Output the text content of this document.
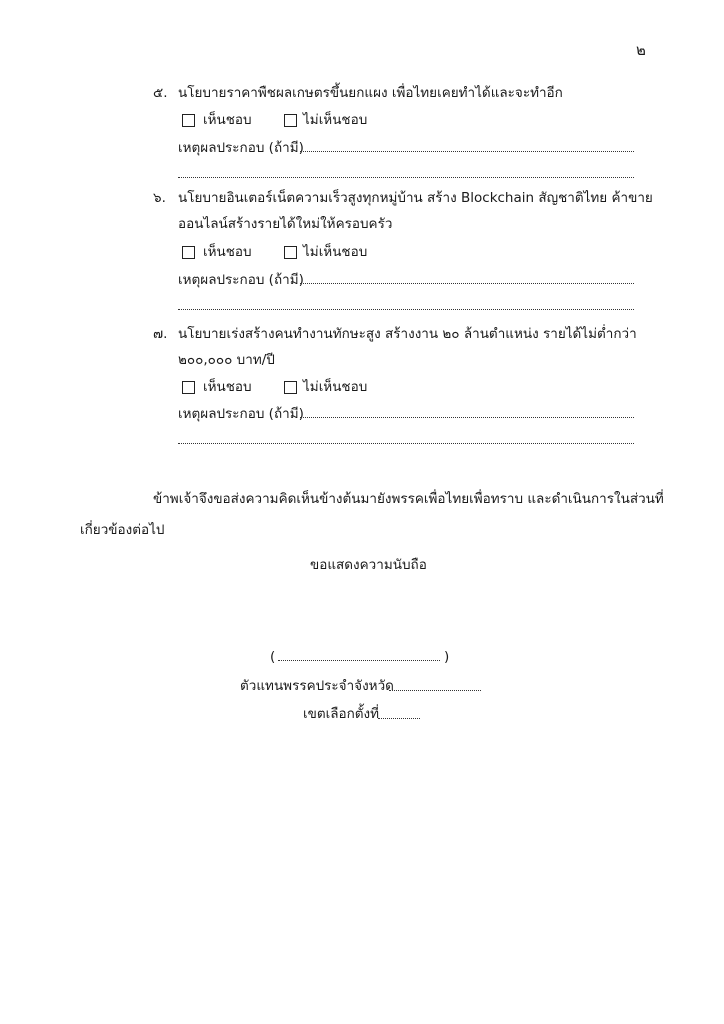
๒
๕. นโยบายราคาพืชผลเกษตรขึ้นยกแผง เพื่อไทยเคยทำได้และจะทำอีก
เห็นชอบ	ไม่เห็นชอบ
เหตุผลประกอบ (ถ้ามี)
๖. นโยบายอินเตอร์เน็ตความเร็วสูงทุกหมู่บ้าน สร้าง Blockchain สัญชาติไทย ค้าขาย
ออนไลน์สร้างรายได้ใหม่ให้ครอบครัว
เห็นชอบ	ไม่เห็นชอบ
เหตุผลประกอบ (ถ้ามี)
๗. นโยบายเร่งสร้างคนทำงานทักษะสูง สร้างงาน ๒๐ ล้านตำแหน่ง รายได้ไม่ต่ำกว่า
๒๐๐,๐๐๐ บาท/ปี
เห็นชอบ	ไม่เห็นชอบ
เหตุผลประกอบ (ถ้ามี)
ข้าพเจ้าจึงขอส่งความคิดเห็นข้างต้นมายังพรรคเพื่อไทยเพื่อทราบ และดำเนินการในส่วนที่
เกี่ยวข้องต่อไป
ขอแสดงความนับถือ
(	)
ตัวแทนพรรคประจำจังหวัด
เขตเลือกตั้งที่
